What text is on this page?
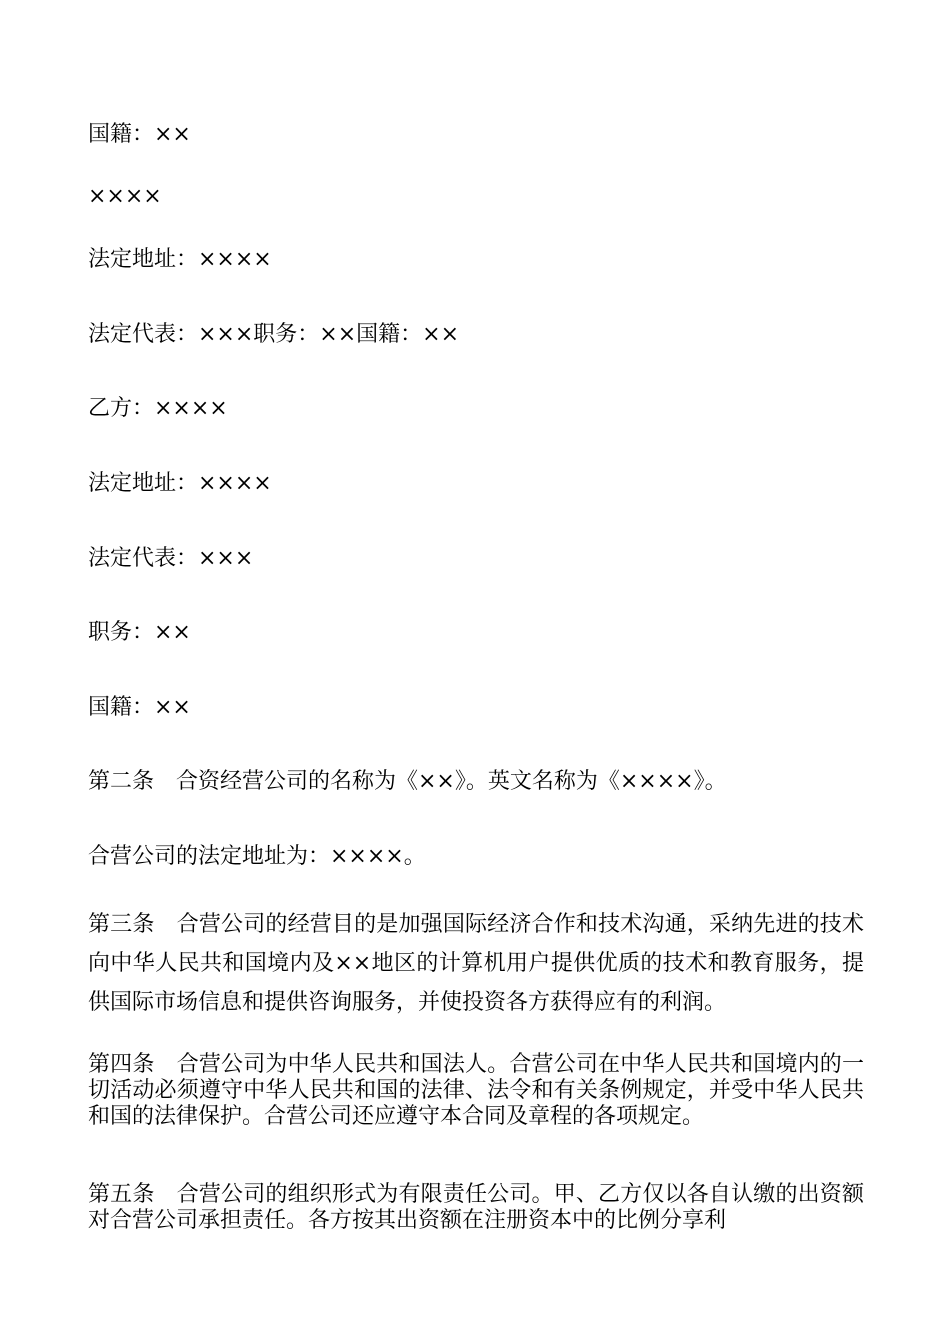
国籍：××
××××
法定地址：××××
法定代表：×××职务：××国籍：××
乙方：××××
法定地址：××××
法定代表：×××
职务：××
国籍：××
第二条　合资经营公司的名称为《××》。英文名称为《××××》。
合营公司的法定地址为：××××。
第三条　合营公司的经营目的是加强国际经济合作和技术沟通，采纳先进的技术向中华人民共和国境内及××地区的计算机用户提供优质的技术和教育服务，提供国际市场信息和提供咨询服务，并使投资各方获得应有的利润。
第四条　合营公司为中华人民共和国法人。合营公司在中华人民共和国境内的一切活动必须遵守中华人民共和国的法律、法令和有关条例规定，并受中华人民共和国的法律保护。合营公司还应遵守本合同及章程的各项规定。
第五条　合营公司的组织形式为有限责任公司。甲、乙方仅以各自认缴的出资额对合营公司承担责任。各方按其出资额在注册资本中的比例分享利
